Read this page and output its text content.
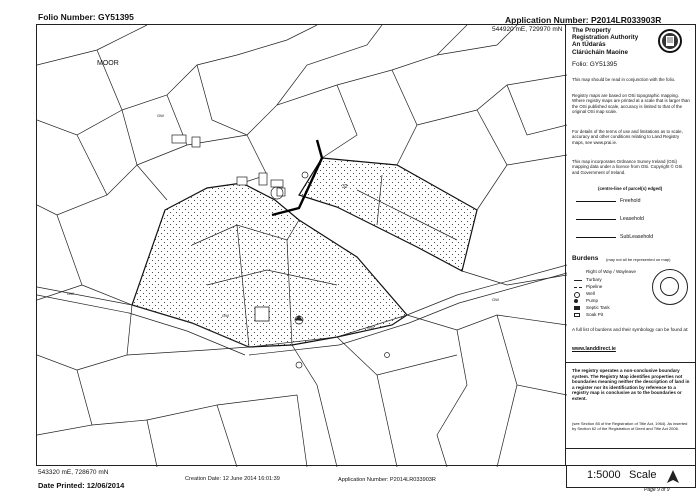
Folio Number: GY51395	Application Number: P2014LR033903R
544920 mE, 729970 mN
MOOR
32
GW
GW
GW
GW
GW
The Property
Registration Authority
An tÚdarás
Clárúcháin Maoine
Folio: GY51395
This map should be read in conjunction with the folio.
Registry maps are based on OSi topographic mapping. Where registry maps are printed at a scale that is larger than the OSi published scale, accuracy is limited to that of the original OSi map scale.
For details of the terms of use and limitations as to scale, accuracy and other conditions relating to Land Registry maps, see www.prai.ie.
This map incorporates Ordnance Survey Ireland (OSi) mapping data under a licence from OSi. Copyright © OSi and Government of Ireland.
(centre-line of parcel(s) edged)
Freehold
Leasehold
SubLeasehold
Burdens (may not all be represented on map)
Right of Way / Wayleave
Turbary
Pipeline
Well
Pump
Septic Tank
Soak Pit
A full list of burdens and their symbology can be found at:
www.landdirect.ie
The registry operates a non-conclusive boundary system. The Registry Map identifies properties not boundaries meaning neither the description of land in a register nor its identification by reference to a registry map is conclusive as to the boundaries or extent.
(see Section 85 of the Registration of Title Act, 1964). As inserted by Section 62 of the Registration of Deed and Title Act 2006.
1:5000 Scale
Page 9 of 9
543320 mE, 728670 mN
Creation Date: 12 June 2014 16:01:39	Application Number: P2014LR033903R
Date Printed: 12/06/2014
